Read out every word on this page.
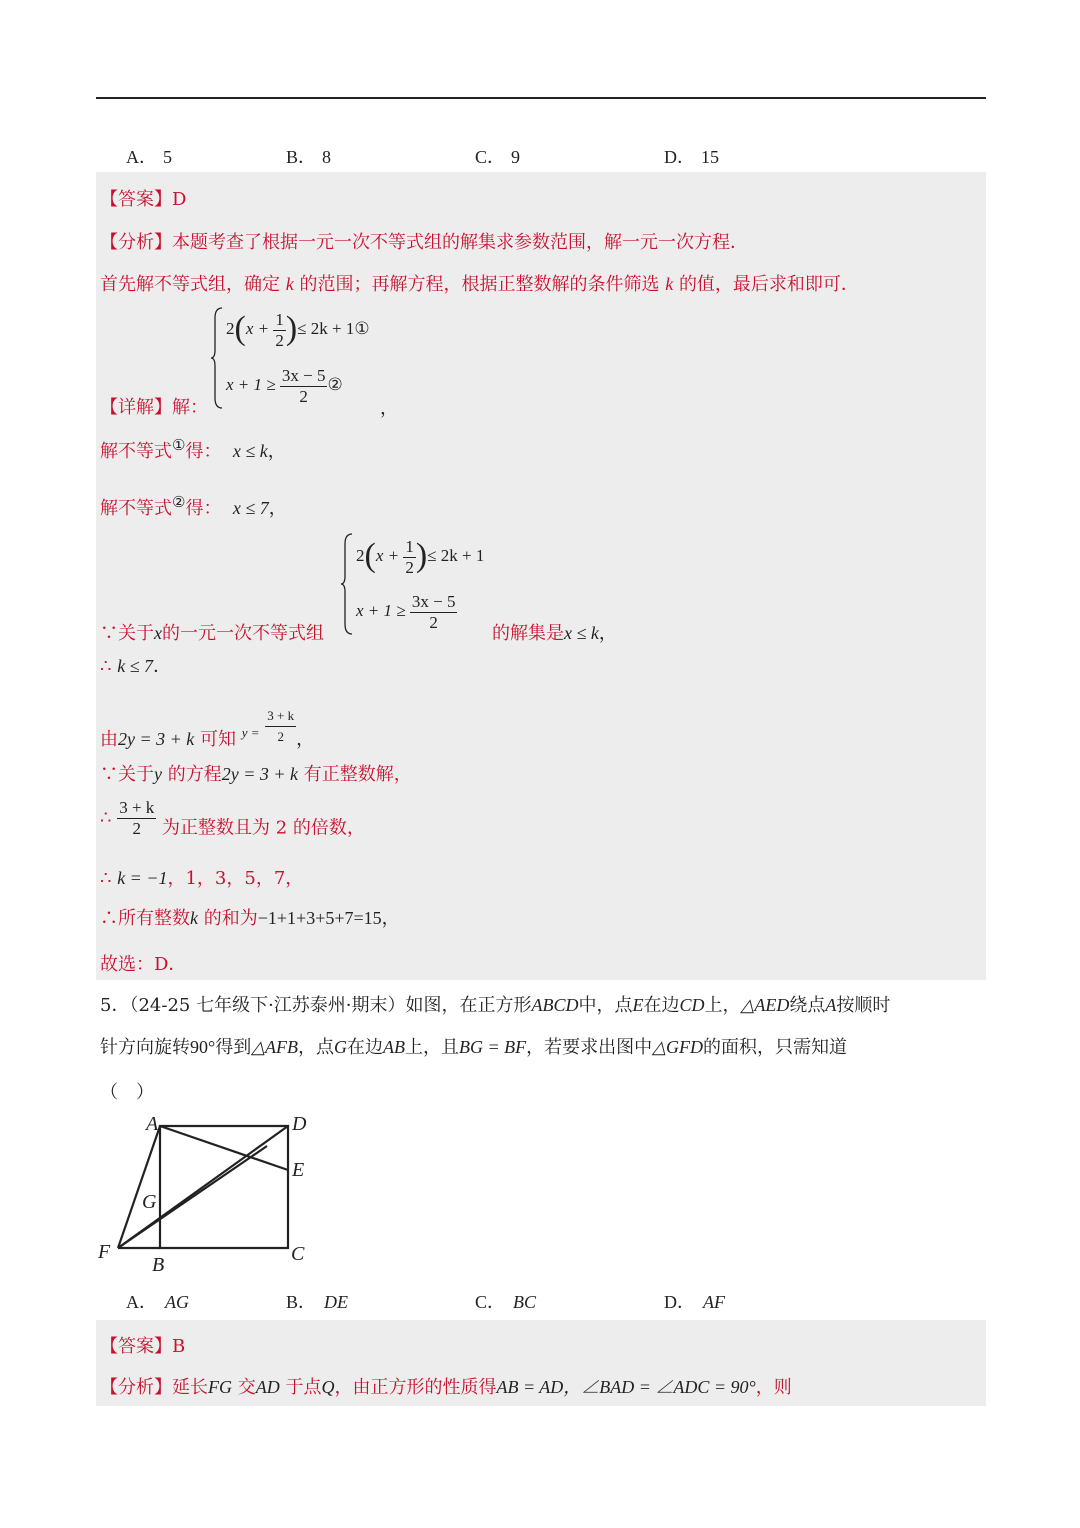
A． 5	B． 8	C． 9	D． 15
【答案】D
【分析】本题考查了根据一元一次不等式组的解集求参数范围，解一元一次方程．
首先解不等式组，确定 k 的范围；再解方程，根据正整数解的条件筛选 k 的值，最后求和即可．
$2(x + \frac{1}{2}$ )≤ 2k + 1①
$x + 1 \ge \frac{3x - 5}{2}$ ②
【详解】解：	，
解不等式①得： x ≤ k，
解不等式②得： x ≤ 7，
$2(x + \frac{1}{2}$ )≤ 2k + 1
$x + 1 \ge \frac{3x - 5}{2}$
∵关于x的一元一次不等式组	的解集是x ≤ k，
∴ k ≤ 7．
由2y = 3 + k 可知 $^{y =} \frac{3 + k}{2}$ ，
∵关于y 的方程2y = 3 + k 有正整数解，
∴ $\frac{3 + k}{2}$ 为正整数且为 2 的倍数，
∴ k = −1，1，3，5，7，
∴所有整数k 的和为−1+1+3+5+7=15，
故选：D．
5．（24-25 七年级下·江苏泰州·期末）如图，在正方形ABCD中，点E在边CD上，△AED绕点A按顺时
针方向旋转90°得到△AFB，点G在边AB上，且BG = BF，若要求出图中△GFD的面积，只需知道
（　）
A	D
E
G
F
B	C
A． AG	B． DE	C． BC	D． AF
【答案】B
【分析】延长FG 交AD 于点Q，由正方形的性质得AB = AD，∠BAD = ∠ADC = 90°，则
